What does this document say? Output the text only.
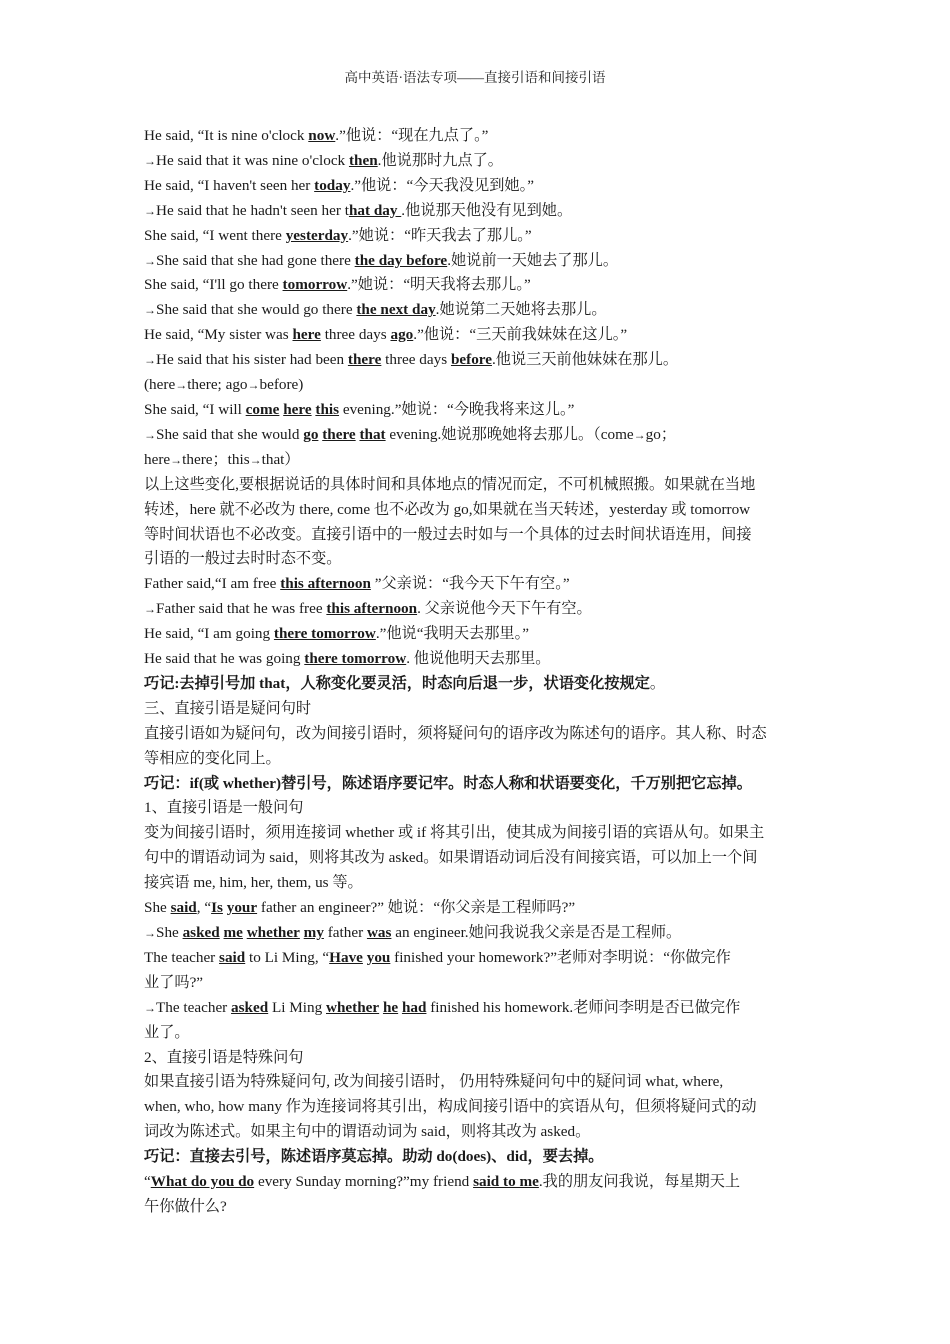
高中英语·语法专项——直接引语和间接引语

He said, “It is nine o'clock now.”他说：“现在九点了。”

→He said that it was nine o'clock then.他说那时九点了。

He said, “I haven't seen her today.”他说：“今天我没见到她。”

→He said that he hadn't seen her that day .他说那天他没有见到她。

She said, “I went there yesterday.”她说：“昨天我去了那儿。”

→She said that she had gone there the day before.她说前一天她去了那儿。

She said, “I'll go there tomorrow.”她说：“明天我将去那儿。”

→She said that she would go there the next day.她说第二天她将去那儿。

He said, “My sister was here three days ago.”他说：“三天前我妹妹在这儿。”

→He said that his sister had been there three days before.他说三天前他妹妹在那儿。

(here→there; ago→before)

She said, “I will come here this evening.”她说：“今晚我将来这儿。”

→She said that she would go there that evening.她说那晚她将去那儿。（come→go；

here→there；this→that）

以上这些变化,要根据说话的具体时间和具体地点的情况而定，不可机械照搬。如果就在当地

转述，here 就不必改为 there, come 也不必改为 go,如果就在当天转述，yesterday 或 tomorrow

等时间状语也不必改变。直接引语中的一般过去时如与一个具体的过去时间状语连用，间接

引语的一般过去时时态不变。

Father said,“I am free this afternoon ”父亲说：“我今天下午有空。”

→Father said that he was free this afternoon. 父亲说他今天下午有空。

He said, “I am going there tomorrow.”他说“我明天去那里。”

He said that he was going there tomorrow. 他说他明天去那里。

巧记:去掉引号加 that，人称变化要灵活，时态向后退一步，状语变化按规定。

三、直接引语是疑问句时

直接引语如为疑问句，改为间接引语时，须将疑问句的语序改为陈述句的语序。其人称、时态

等相应的变化同上。

巧记：if(或 whether)替引号，陈述语序要记牢。时态人称和状语要变化，千万别把它忘掉。

1、直接引语是一般问句

变为间接引语时，须用连接词 whether 或 if 将其引出，使其成为间接引语的宾语从句。如果主

句中的谓语动词为 said，则将其改为 asked。如果谓语动词后没有间接宾语，可以加上一个间

接宾语 me, him, her, them, us 等。

She said, “Is your father an engineer?” 她说：“你父亲是工程师吗?”

→She asked me whether my father was an engineer.她问我说我父亲是否是工程师。

The teacher said to Li Ming, “Have you finished your homework?”老师对李明说：“你做完作

业了吗?”

→The teacher asked Li Ming whether he had finished his homework.老师问李明是否已做完作

业了。

2、直接引语是特殊问句

如果直接引语为特殊疑问句, 改为间接引语时， 仍用特殊疑问句中的疑问词 what, where,

when, who, how many 作为连接词将其引出，构成间接引语中的宾语从句，但须将疑问式的动

词改为陈述式。如果主句中的谓语动词为 said，则将其改为 asked。

巧记：直接去引号，陈述语序莫忘掉。助动 do(does)、did，要去掉。

“What do you do every Sunday morning?”my friend said to me.我的朋友问我说，每星期天上

午你做什么?
